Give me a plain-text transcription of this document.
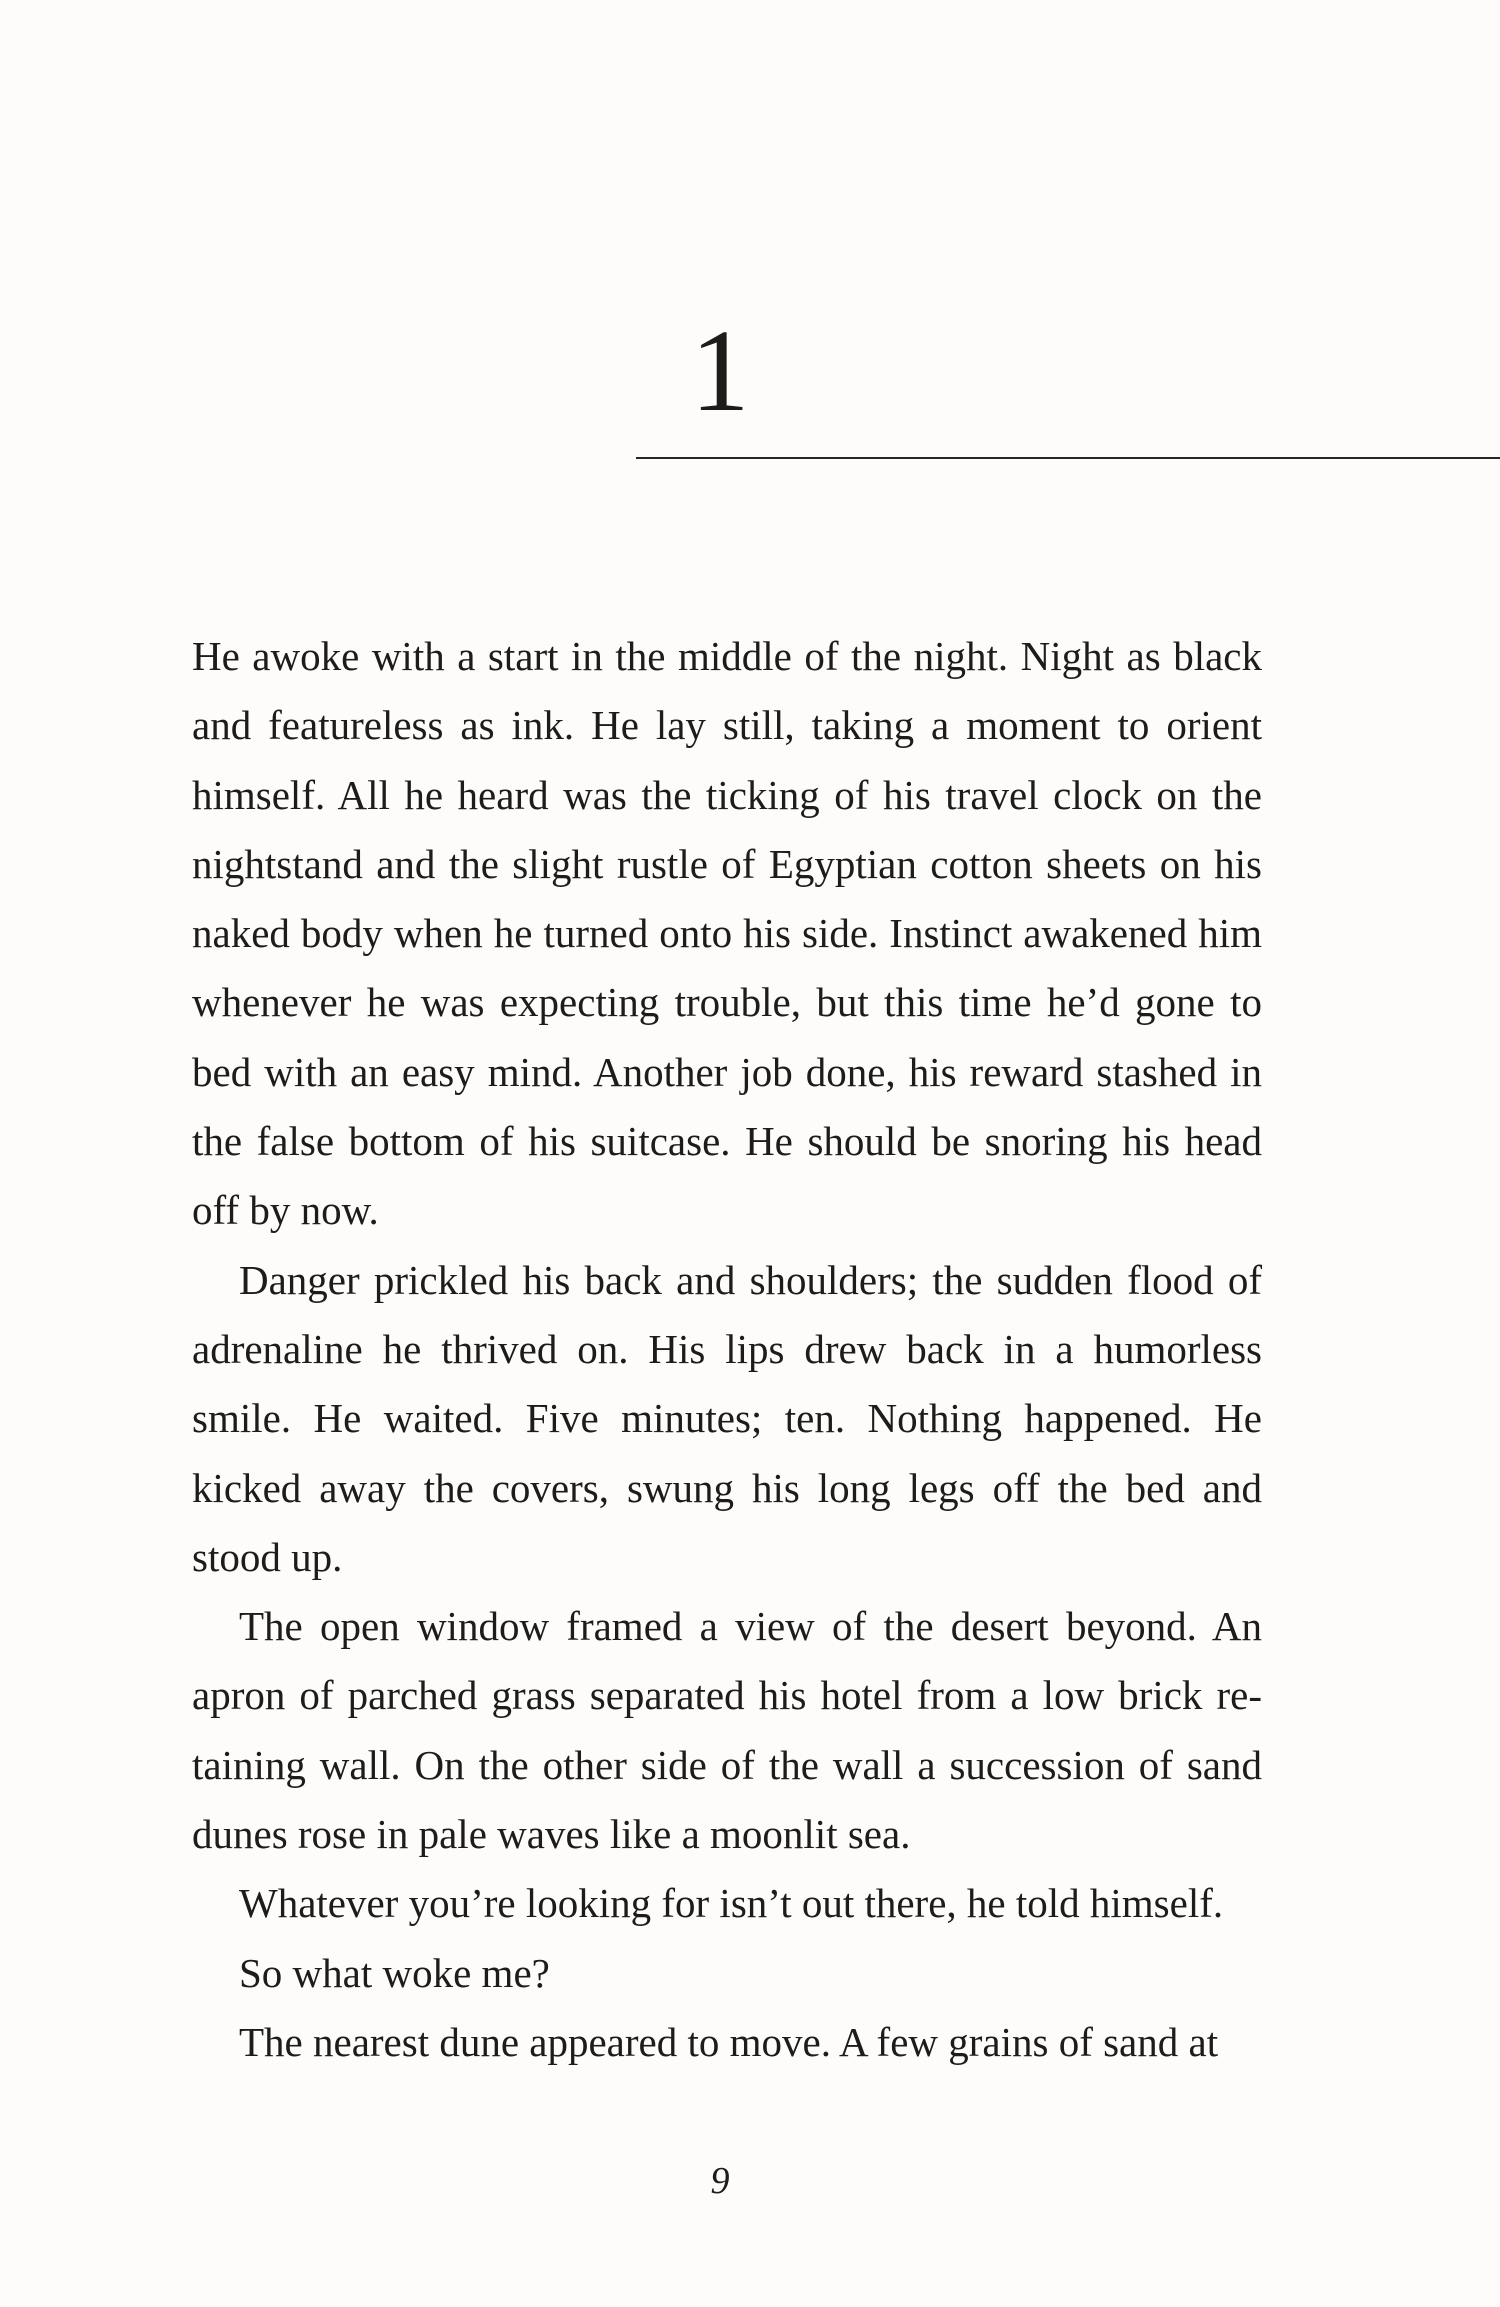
1

He awoke with a start in the middle of the night. Night as black and featureless as ink. He lay still, taking a moment to orient himself. All he heard was the ticking of his travel clock on the nightstand and the slight rustle of Egyptian cotton sheets on his naked body when he turned onto his side. Instinct awakened him whenever he was expecting trouble, but this time he’d gone to bed with an easy mind. Another job done, his reward stashed in the false bottom of his suitcase. He should be snoring his head off by now.

Danger prickled his back and shoulders; the sudden flood of adrenaline he thrived on. His lips drew back in a humorless smile. He waited. Five minutes; ten. Nothing happened. He kicked away the covers, swung his long legs off the bed and stood up.

The open window framed a view of the desert beyond. An apron of parched grass separated his hotel from a low brick retaining wall. On the other side of the wall a succession of sand dunes rose in pale waves like a moonlit sea.

Whatever you’re looking for isn’t out there, he told himself.

So what woke me?

The nearest dune appeared to move. A few grains of sand at

9
